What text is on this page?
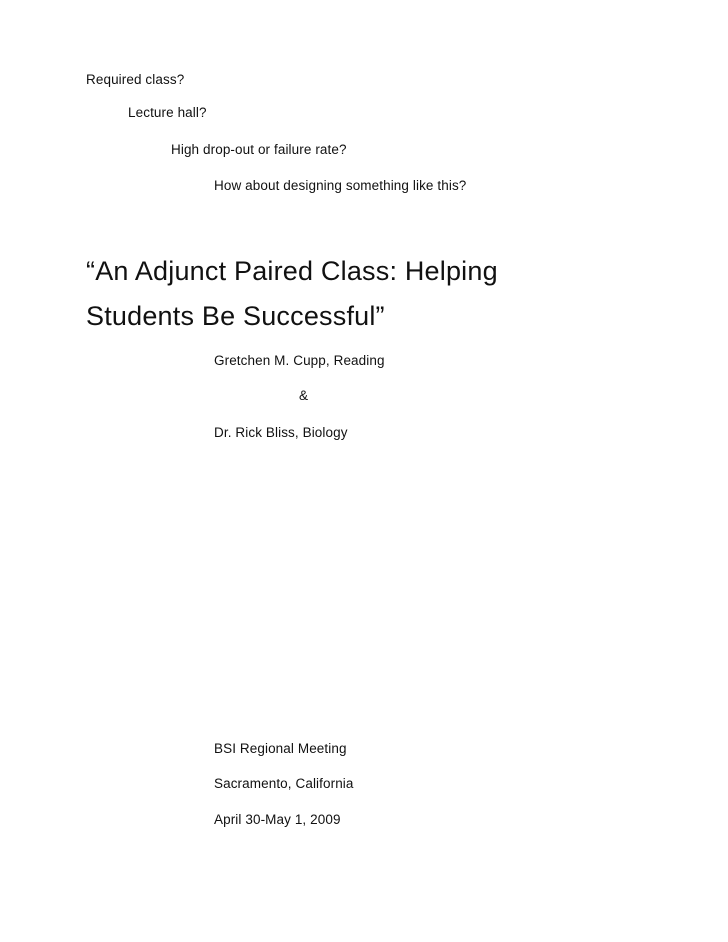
Required class?
Lecture hall?
High drop-out or failure rate?
How about designing something like this?
“An Adjunct Paired Class: Helping
Students Be Successful”
Gretchen M. Cupp, Reading
&
Dr. Rick Bliss, Biology
BSI Regional Meeting
Sacramento, California
April 30-May 1, 2009
